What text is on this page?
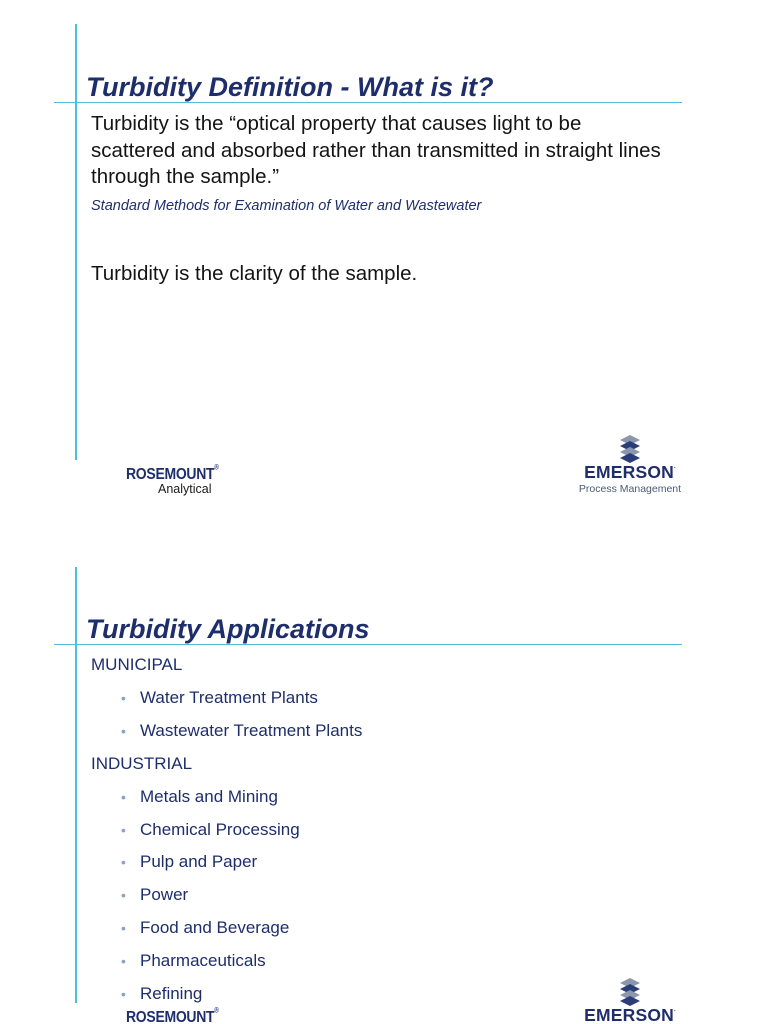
Turbidity Definition - What is it?

Turbidity is the “optical property that causes light to be scattered and absorbed rather than transmitted in straight lines through the sample.”

Standard Methods for Examination of Water and Wastewater

Turbidity is the clarity of the sample.

ROSEMOUNT®
Analytical
EMERSON.
Process Management
Turbidity Applications
MUNICIPAL
• Water Treatment Plants
• Wastewater Treatment Plants
INDUSTRIAL
• Metals and Mining
• Chemical Processing
• Pulp and Paper
• Power
• Food and Beverage
• Pharmaceuticals
• Refining
ROSEMOUNT®	EMERSON.
